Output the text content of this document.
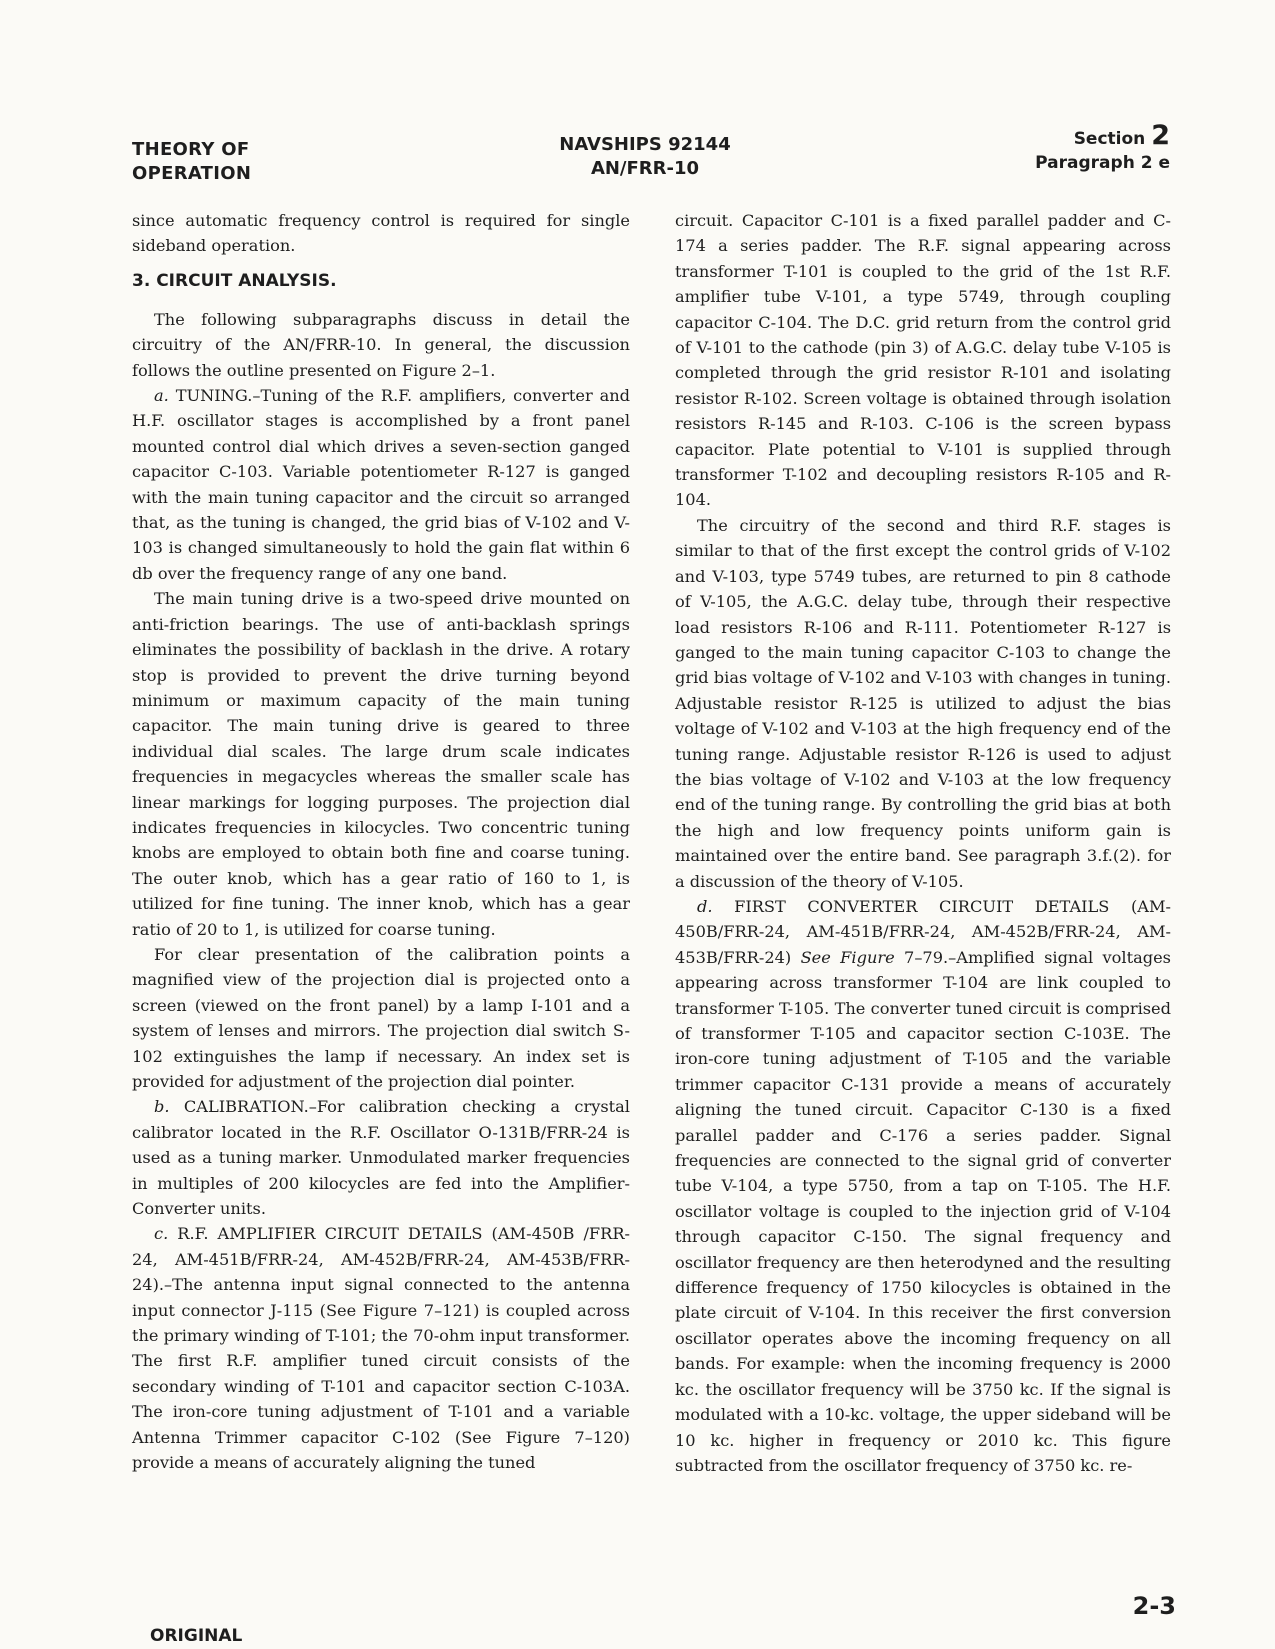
THEORY OF
OPERATION
NAVSHIPS 92144
AN/FRR-10
Section 2
Paragraph 2 e

since automatic frequency control is required for single sideband operation.

3. CIRCUIT ANALYSIS.

The following subparagraphs discuss in detail the circuitry of the AN/FRR-10. In general, the discussion follows the outline presented on Figure 2–1.

a. TUNING.–Tuning of the R.F. amplifiers, converter and H.F. oscillator stages is accomplished by a front panel mounted control dial which drives a seven-section ganged capacitor C-103. Variable potentiometer R-127 is ganged with the main tuning capacitor and the circuit so arranged that, as the tuning is changed, the grid bias of V-102 and V-103 is changed simultaneously to hold the gain flat within 6 db over the frequency range of any one band.

The main tuning drive is a two-speed drive mounted on anti-friction bearings. The use of anti-backlash springs eliminates the possibility of backlash in the drive. A rotary stop is provided to prevent the drive turning beyond minimum or maximum capacity of the main tuning capacitor. The main tuning drive is geared to three individual dial scales. The large drum scale indicates frequencies in megacycles whereas the smaller scale has linear markings for logging purposes. The projection dial indicates frequencies in kilocycles. Two concentric tuning knobs are employed to obtain both fine and coarse tuning. The outer knob, which has a gear ratio of 160 to 1, is utilized for fine tuning. The inner knob, which has a gear ratio of 20 to 1, is utilized for coarse tuning.

For clear presentation of the calibration points a magnified view of the projection dial is projected onto a screen (viewed on the front panel) by a lamp I-101 and a system of lenses and mirrors. The projection dial switch S-102 extinguishes the lamp if necessary. An index set is provided for adjustment of the projection dial pointer.

b. CALIBRATION.–For calibration checking a crystal calibrator located in the R.F. Oscillator O-131B/FRR-24 is used as a tuning marker. Unmodulated marker frequencies in multiples of 200 kilocycles are fed into the Amplifier-Converter units.

c. R.F. AMPLIFIER CIRCUIT DETAILS (AM-450B /FRR-24, AM-451B/FRR-24, AM-452B/FRR-24, AM-453B/FRR-24).–The antenna input signal connected to the antenna input connector J-115 (See Figure 7–121) is coupled across the primary winding of T-101; the 70-ohm input transformer. The first R.F. amplifier tuned circuit consists of the secondary winding of T-101 and capacitor section C-103A. The iron-core tuning adjustment of T-101 and a variable Antenna Trimmer capacitor C-102 (See Figure 7–120) provide a means of accurately aligning the tuned

circuit. Capacitor C-101 is a fixed parallel padder and C-174 a series padder. The R.F. signal appearing across transformer T-101 is coupled to the grid of the 1st R.F. amplifier tube V-101, a type 5749, through coupling capacitor C-104. The D.C. grid return from the control grid of V-101 to the cathode (pin 3) of A.G.C. delay tube V-105 is completed through the grid resistor R-101 and isolating resistor R-102. Screen voltage is obtained through isolation resistors R-145 and R-103. C-106 is the screen bypass capacitor. Plate potential to V-101 is supplied through transformer T-102 and decoupling resistors R-105 and R-104.

The circuitry of the second and third R.F. stages is similar to that of the first except the control grids of V-102 and V-103, type 5749 tubes, are returned to pin 8 cathode of V-105, the A.G.C. delay tube, through their respective load resistors R-106 and R-111. Potentiometer R-127 is ganged to the main tuning capacitor C-103 to change the grid bias voltage of V-102 and V-103 with changes in tuning. Adjustable resistor R-125 is utilized to adjust the bias voltage of V-102 and V-103 at the high frequency end of the tuning range. Adjustable resistor R-126 is used to adjust the bias voltage of V-102 and V-103 at the low frequency end of the tuning range. By controlling the grid bias at both the high and low frequency points uniform gain is maintained over the entire band. See paragraph 3.f.(2). for a discussion of the theory of V-105.

d. FIRST CONVERTER CIRCUIT DETAILS (AM-450B/FRR-24, AM-451B/FRR-24, AM-452B/FRR-24, AM-453B/FRR-24) See Figure 7–79.–Amplified signal voltages appearing across transformer T-104 are link coupled to transformer T-105. The converter tuned circuit is comprised of transformer T-105 and capacitor section C-103E. The iron-core tuning adjustment of T-105 and the variable trimmer capacitor C-131 provide a means of accurately aligning the tuned circuit. Capacitor C-130 is a fixed parallel padder and C-176 a series padder. Signal frequencies are connected to the signal grid of converter tube V-104, a type 5750, from a tap on T-105. The H.F. oscillator voltage is coupled to the injection grid of V-104 through capacitor C-150. The signal frequency and oscillator frequency are then heterodyned and the resulting difference frequency of 1750 kilocycles is obtained in the plate circuit of V-104. In this receiver the first conversion oscillator operates above the incoming frequency on all bands. For example: when the incoming frequency is 2000 kc. the oscillator frequency will be 3750 kc. If the signal is modulated with a 10-kc. voltage, the upper sideband will be 10 kc. higher in frequency or 2010 kc. This figure subtracted from the oscillator frequency of 3750 kc. re-

ORIGINAL
2-3
